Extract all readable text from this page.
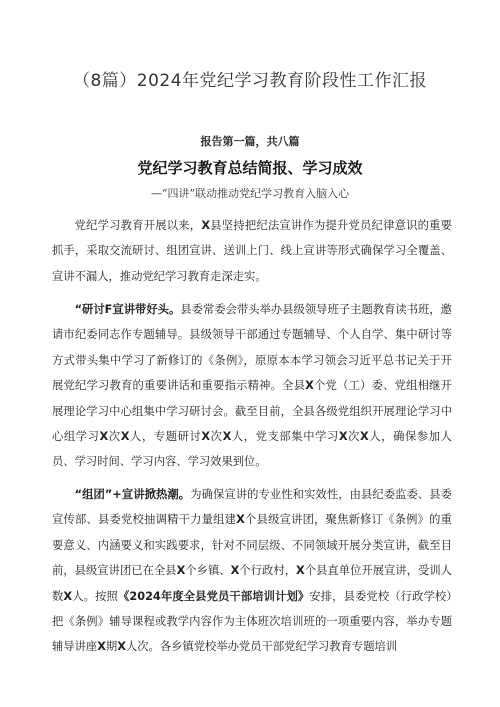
（8篇）2024年党纪学习教育阶段性工作汇报
报告第一篇，共八篇
党纪学习教育总结简报、学习成效
—“四讲”联动推动党纪学习教育入脑入心

党纪学习教育开展以来，X县坚持把纪法宣讲作为提升党员纪律意识的重要抓手，采取交流研讨、组团宣讲、送训上门、线上宣讲等形式确保学习全覆盖、宣讲不漏人，推动党纪学习教育走深走实。

“研讨F宣讲带好头。县委常委会带头举办县级领导班子主题教育读书班，邀请市纪委同志作专题辅导。县级领导干部通过专题辅导、个人自学、集中研讨等方式带头集中学习了新修订的《条例》，原原本本学习领会习近平总书记关于开展党纪学习教育的重要讲话和重要指示精神。全县X个党（工）委、党组相继开展理论学习中心组集中学习研讨会。截至目前，全县各级党组织开展理论学习中心组学习X次X人，专题研讨X次X人，党支部集中学习X次X人，确保参加人员、学习时间、学习内容、学习效果到位。

“组团”+宣讲掀热潮。为确保宣讲的专业性和实效性，由县纪委监委、县委宣传部、县委党校抽调精干力量组建X个县级宣讲团，聚焦新修订《条例》的重要意义、内涵要义和实践要求，针对不同层级、不同领域开展分类宣讲，截至目前，县级宣讲团已在全县X个乡镇、X个行政村，X个县直单位开展宣讲，受训人数X人。按照《2024年度全县党员干部培训计划》安排，县委党校（行政学校）把《条例》辅导课程或教学内容作为主体班次培训班的一项重要内容，举办专题辅导讲座X期X人次。各乡镇党校举办党员干部党纪学习教育专题培训
